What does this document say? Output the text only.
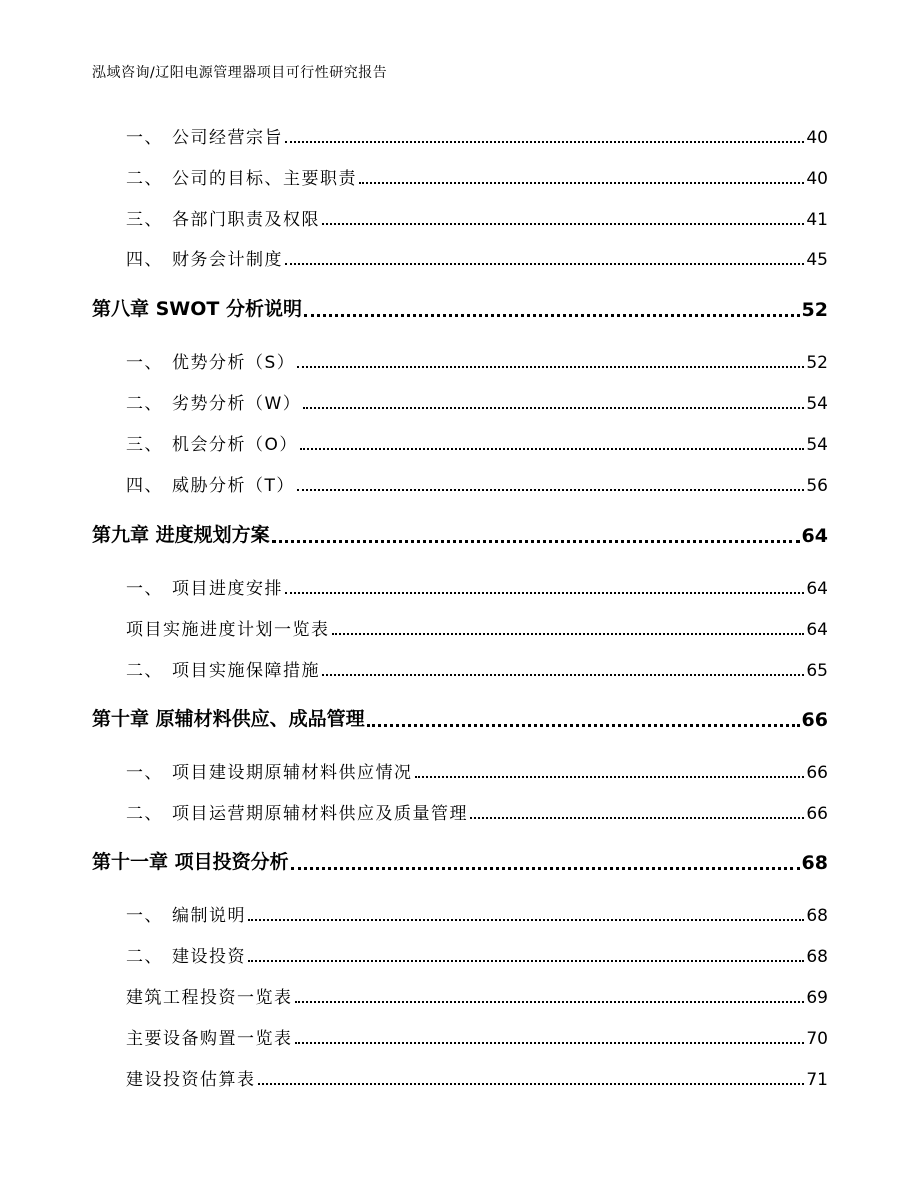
泓域咨询/辽阳电源管理器项目可行性研究报告
一、 公司经营宗旨	40
二、 公司的目标、主要职责	40
三、 各部门职责及权限	41
四、 财务会计制度	45
第八章 SWOT 分析说明	52
一、 优势分析（S）	52
二、 劣势分析（W）	54
三、 机会分析（O）	54
四、 威胁分析（T）	56
第九章 进度规划方案	64
一、 项目进度安排	64
项目实施进度计划一览表	64
二、 项目实施保障措施	65
第十章 原辅材料供应、成品管理	66
一、 项目建设期原辅材料供应情况	66
二、 项目运营期原辅材料供应及质量管理	66
第十一章 项目投资分析	68
一、 编制说明	68
二、 建设投资	68
建筑工程投资一览表	69
主要设备购置一览表	70
建设投资估算表	71
